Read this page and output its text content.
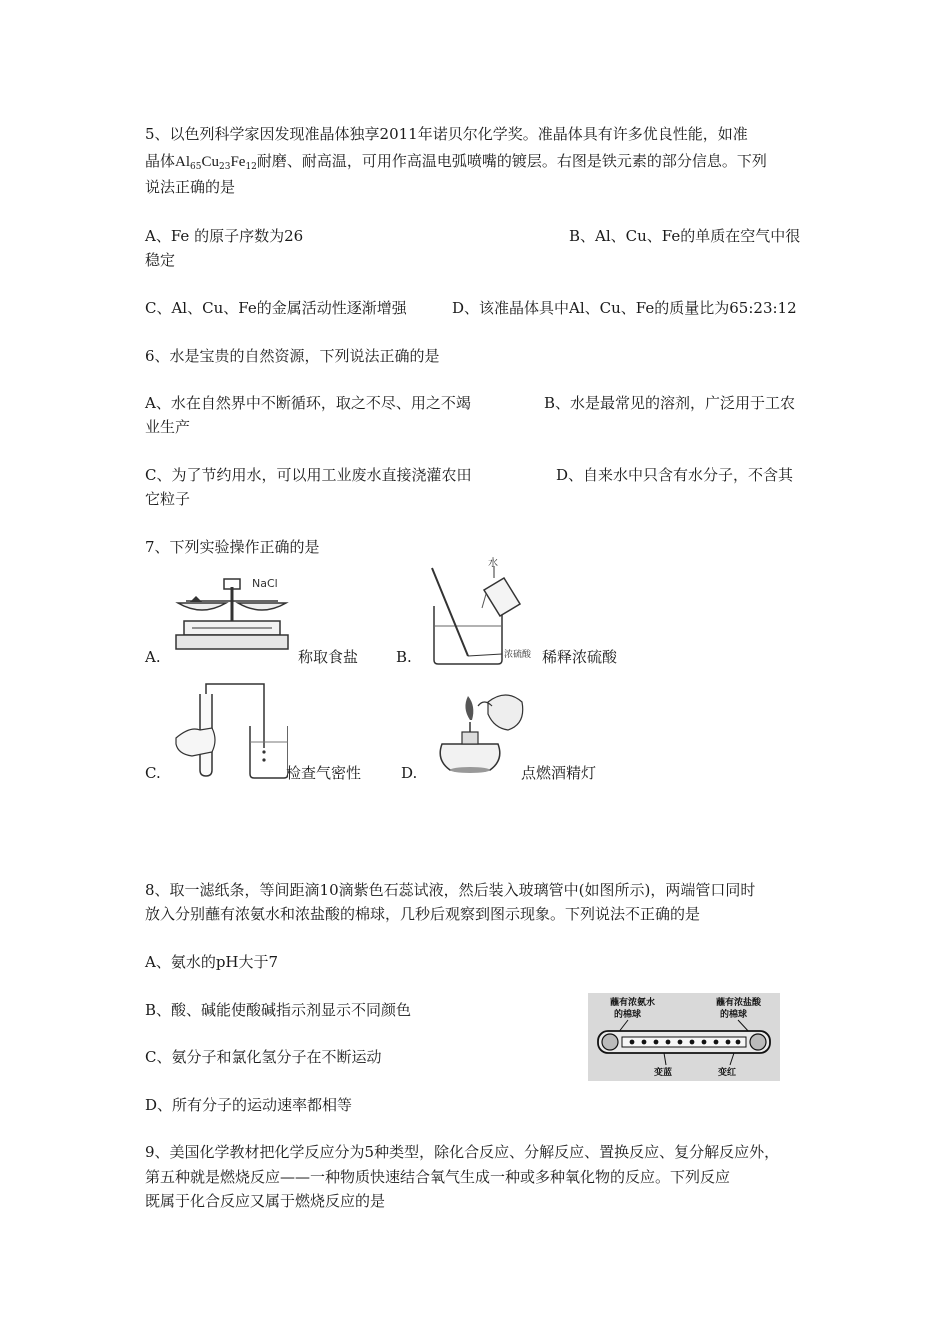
5、以色列科学家因发现准晶体独享2011年诺贝尔化学奖。准晶体具有许多优良性能，如准
晶体$Al_{65}Cu_{23}Fe_{12}$耐磨、耐高温，可用作高温电弧喷嘴的镀层。右图是铁元素的部分信息。下列
说法正确的是
A、Fe 的原子序数为26	B、Al、Cu、Fe的单质在空气中很
稳定
C、Al、Cu、Fe的金属活动性逐渐增强	D、该准晶体具中Al、Cu、Fe的质量比为65:23:12
6、水是宝贵的自然资源，下列说法正确的是
A、水在自然界中不断循环，取之不尽、用之不竭	B、水是最常见的溶剂，广泛用于工农
业生产
C、为了节约用水，可以用工业废水直接浇灌农田	D、自来水中只含有水分子，不含其
它粒子
7、下列实验操作正确的是
A.
NaCl
称取食盐	B.
水
浓硫酸 稀释浓硫酸
C.	检查气密性	D.	点燃酒精灯
8、取一滤纸条，等间距滴10滴紫色石蕊试液，然后装入玻璃管中(如图所示)，两端管口同时
放入分别蘸有浓氨水和浓盐酸的棉球，几秒后观察到图示现象。下列说法不正确的是
A、氨水的pH大于7
B、酸、碱能使酸碱指示剂显示不同颜色
C、氨分子和氯化氢分子在不断运动
D、所有分子的运动速率都相等
蘸有浓氨水
的棉球
蘸有浓盐酸
的棉球
变蓝	变红
9、美国化学教材把化学反应分为5种类型，除化合反应、分解反应、置换反应、复分解反应外，
第五种就是燃烧反应——一种物质快速结合氧气生成一种或多种氧化物的反应。下列反应
既属于化合反应又属于燃烧反应的是
